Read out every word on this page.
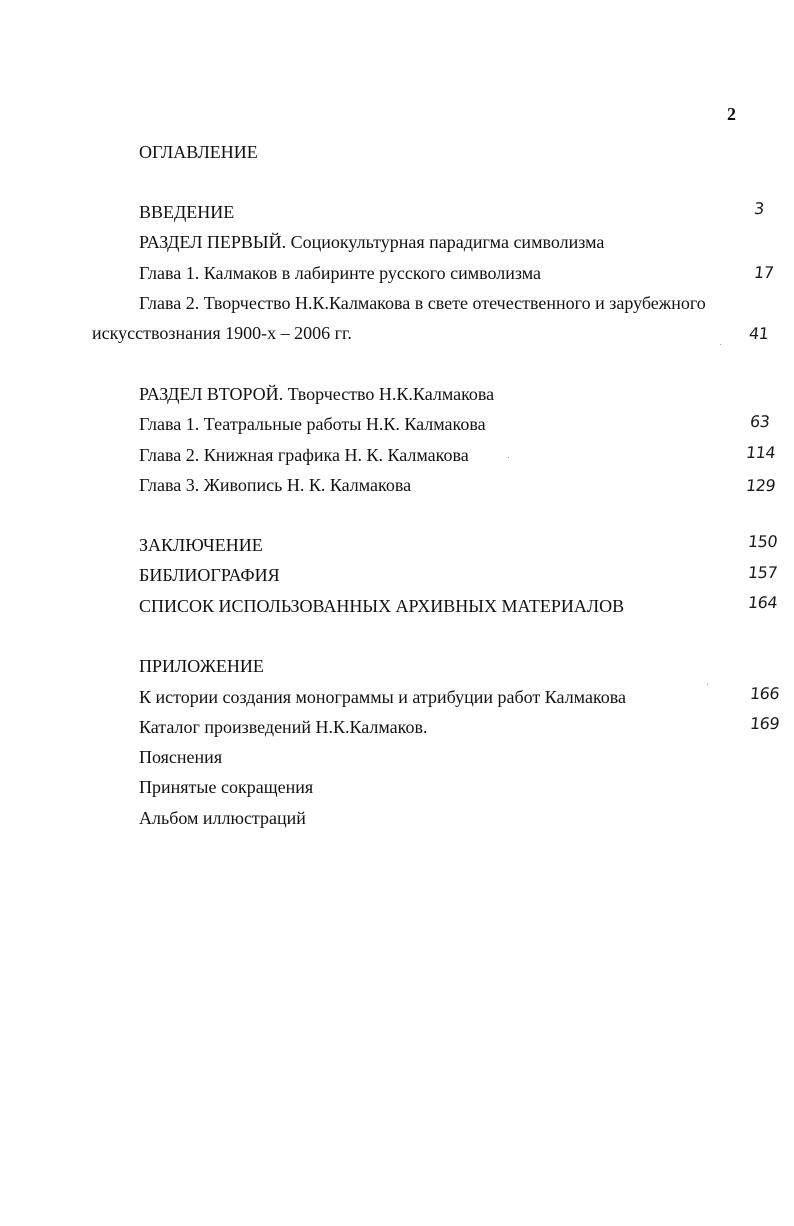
2
ОГЛАВЛЕНИЕ
ВВЕДЕНИЕ	3
РАЗДЕЛ ПЕРВЫЙ. Социокультурная парадигма символизма
Глава 1. Калмаков в лабиринте русского символизма	17
Глава 2. Творчество Н.К.Калмакова в свете отечественного и зарубежного
искусствознания 1900-х – 2006 гг.	41
РАЗДЕЛ ВТОРОЙ. Творчество Н.К.Калмакова
Глава 1. Театральные работы Н.К. Калмакова	63
Глава 2. Книжная графика Н. К. Калмакова	114
Глава 3. Живопись Н. К. Калмакова	129
ЗАКЛЮЧЕНИЕ	150
БИБЛИОГРАФИЯ	157
СПИСОК ИСПОЛЬЗОВАННЫХ АРХИВНЫХ МАТЕРИАЛОВ	164
ПРИЛОЖЕНИЕ
К истории создания монограммы и атрибуции работ Калмакова	166
Каталог произведений Н.К.Калмаков.	169
Пояснения
Принятые сокращения
Альбом иллюстраций
